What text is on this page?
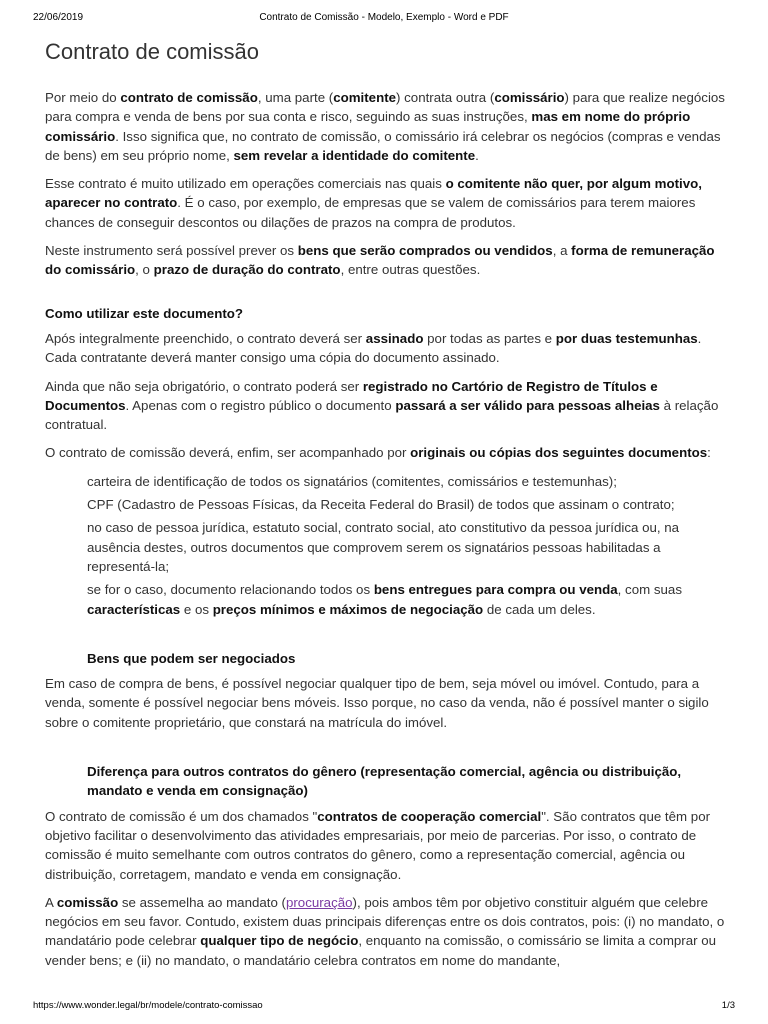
22/06/2019	Contrato de Comissão - Modelo, Exemplo - Word e PDF
Contrato de comissão

Por meio do contrato de comissão, uma parte (comitente) contrata outra (comissário) para que realize negócios para compra e venda de bens por sua conta e risco, seguindo as suas instruções, mas em nome do próprio comissário. Isso significa que, no contrato de comissão, o comissário irá celebrar os negócios (compras e vendas de bens) em seu próprio nome, sem revelar a identidade do comitente.

Esse contrato é muito utilizado em operações comerciais nas quais o comitente não quer, por algum motivo, aparecer no contrato. É o caso, por exemplo, de empresas que se valem de comissários para terem maiores chances de conseguir descontos ou dilações de prazos na compra de produtos.

Neste instrumento será possível prever os bens que serão comprados ou vendidos, a forma de remuneração do comissário, o prazo de duração do contrato, entre outras questões.

Como utilizar este documento?

Após integralmente preenchido, o contrato deverá ser assinado por todas as partes e por duas testemunhas. Cada contratante deverá manter consigo uma cópia do documento assinado.

Ainda que não seja obrigatório, o contrato poderá ser registrado no Cartório de Registro de Títulos e Documentos. Apenas com o registro público o documento passará a ser válido para pessoas alheias à relação contratual.

O contrato de comissão deverá, enfim, ser acompanhado por originais ou cópias dos seguintes documentos:

carteira de identificação de todos os signatários (comitentes, comissários e testemunhas);

CPF (Cadastro de Pessoas Físicas, da Receita Federal do Brasil) de todos que assinam o contrato;

no caso de pessoa jurídica, estatuto social, contrato social, ato constitutivo da pessoa jurídica ou, na ausência destes, outros documentos que comprovem serem os signatários pessoas habilitadas a representá-la;

se for o caso, documento relacionando todos os bens entregues para compra ou venda, com suas características e os preços mínimos e máximos de negociação de cada um deles.

Bens que podem ser negociados

Em caso de compra de bens, é possível negociar qualquer tipo de bem, seja móvel ou imóvel. Contudo, para a venda, somente é possível negociar bens móveis. Isso porque, no caso da venda, não é possível manter o sigilo sobre o comitente proprietário, que constará na matrícula do imóvel.

Diferença para outros contratos do gênero (representação comercial, agência ou distribuição, mandato e venda em consignação)

O contrato de comissão é um dos chamados "contratos de cooperação comercial". São contratos que têm por objetivo facilitar o desenvolvimento das atividades empresariais, por meio de parcerias. Por isso, o contrato de comissão é muito semelhante com outros contratos do gênero, como a representação comercial, agência ou distribuição, corretagem, mandato e venda em consignação.

A comissão se assemelha ao mandato (procuração), pois ambos têm por objetivo constituir alguém que celebre negócios em seu favor. Contudo, existem duas principais diferenças entre os dois contratos, pois: (i) no mandato, o mandatário pode celebrar qualquer tipo de negócio, enquanto na comissão, o comissário se limita a comprar ou vender bens; e (ii) no mandato, o mandatário celebra contratos em nome do mandante,

https://www.wonder.legal/br/modele/contrato-comissao	1/3
